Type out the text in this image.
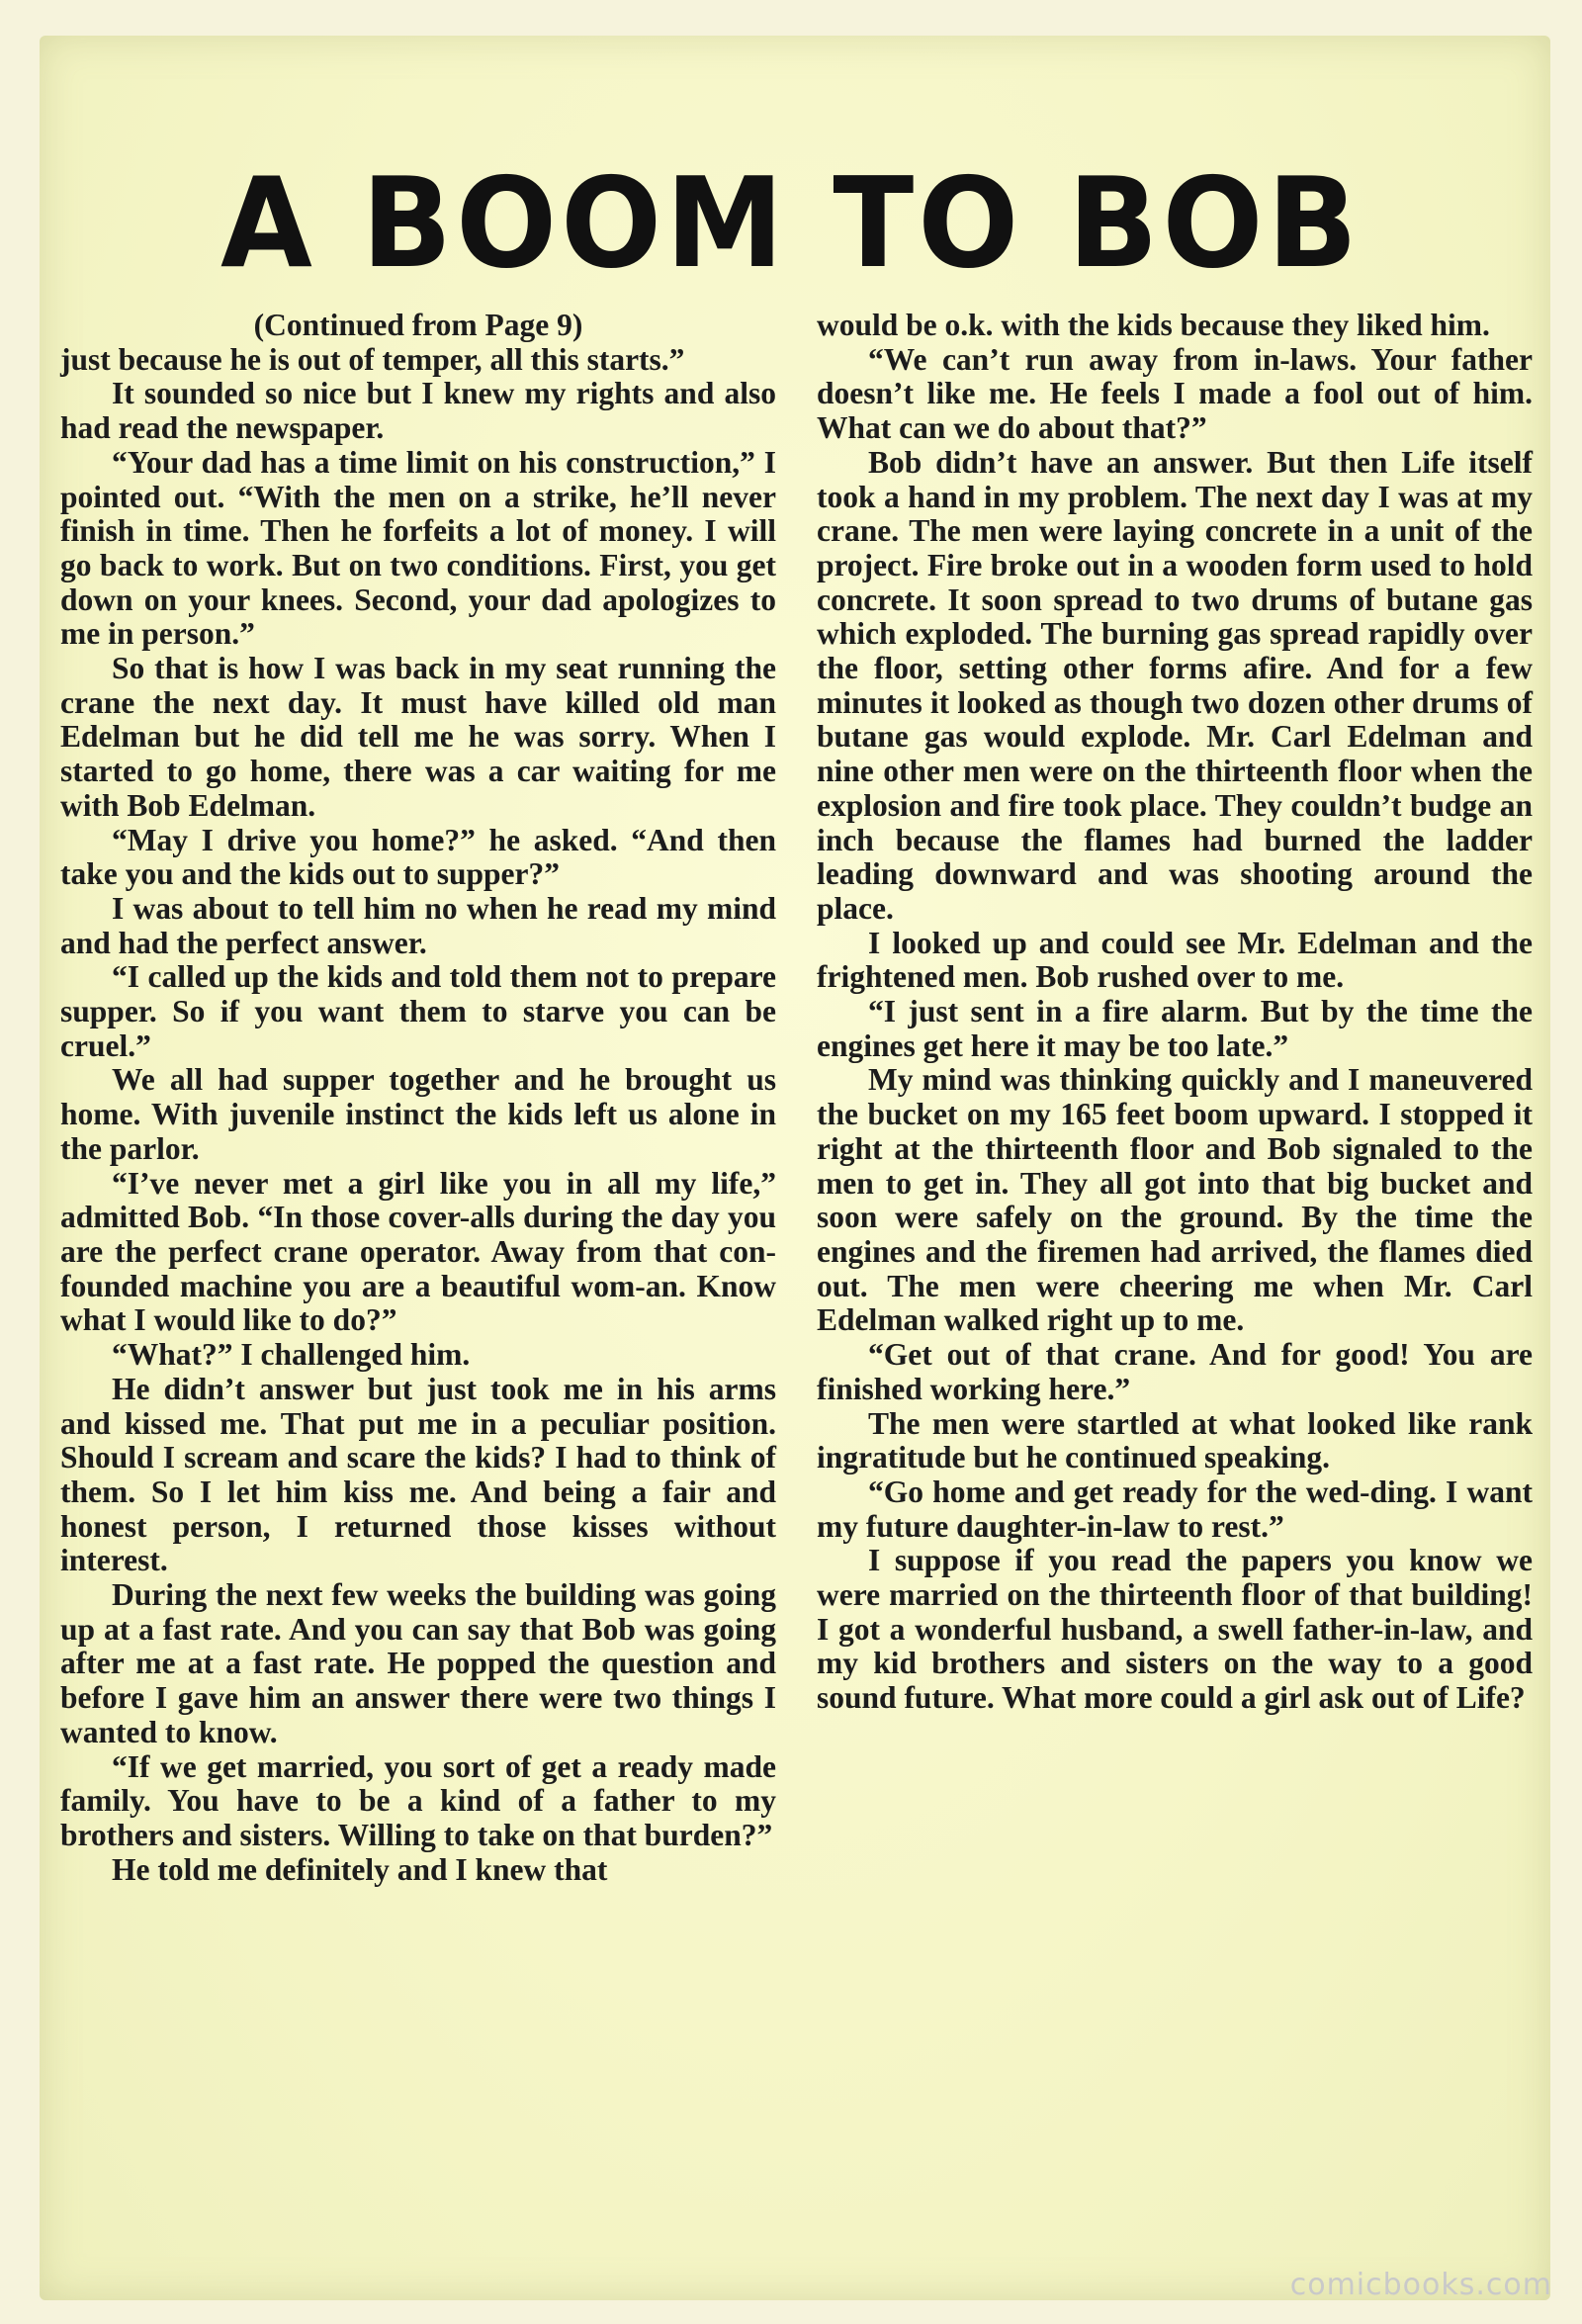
A BOOM TO BOB

(Continued from Page 9)

just because he is out of temper, all this starts.”

It sounded so nice but I knew my rights and also had read the newspaper.

“Your dad has a time limit on his construction,” I pointed out. “With the men on a strike, he’ll never finish in time. Then he forfeits a lot of money. I will go back to work. But on two conditions. First, you get down on your knees. Second, your dad apologizes to me in person.”

So that is how I was back in my seat running the crane the next day. It must have killed old man Edelman but he did tell me he was sorry. When I started to go home, there was a car waiting for me with Bob Edelman.

“May I drive you home?” he asked. “And then take you and the kids out to supper?”

I was about to tell him no when he read my mind and had the perfect answer.

“I called up the kids and told them not to prepare supper. So if you want them to starve you can be cruel.”

We all had supper together and he brought us home. With juvenile instinct the kids left us alone in the parlor.

“I’ve never met a girl like you in all my life,” admitted Bob. “In those cover-alls during the day you are the perfect crane operator. Away from that con-founded machine you are a beautiful wom-an. Know what I would like to do?”

“What?” I challenged him.

He didn’t answer but just took me in his arms and kissed me. That put me in a peculiar position. Should I scream and scare the kids? I had to think of them. So I let him kiss me. And being a fair and honest person, I returned those kisses without interest.

During the next few weeks the building was going up at a fast rate. And you can say that Bob was going after me at a fast rate. He popped the question and before I gave him an answer there were two things I wanted to know.

“If we get married, you sort of get a ready made family. You have to be a kind of a father to my brothers and sisters. Willing to take on that burden?”

He told me definitely and I knew that

would be o.k. with the kids because they liked him.

“We can’t run away from in-laws. Your father doesn’t like me. He feels I made a fool out of him. What can we do about that?”

Bob didn’t have an answer. But then Life itself took a hand in my problem. The next day I was at my crane. The men were laying concrete in a unit of the project. Fire broke out in a wooden form used to hold concrete. It soon spread to two drums of butane gas which exploded. The burning gas spread rapidly over the floor, setting other forms afire. And for a few minutes it looked as though two dozen other drums of butane gas would explode. Mr. Carl Edelman and nine other men were on the thirteenth floor when the explosion and fire took place. They couldn’t budge an inch because the flames had burned the ladder leading downward and was shooting around the place.

I looked up and could see Mr. Edelman and the frightened men. Bob rushed over to me.

“I just sent in a fire alarm. But by the time the engines get here it may be too late.”

My mind was thinking quickly and I maneuvered the bucket on my 165 feet boom upward. I stopped it right at the thirteenth floor and Bob signaled to the men to get in. They all got into that big bucket and soon were safely on the ground. By the time the engines and the firemen had arrived, the flames died out. The men were cheering me when Mr. Carl Edelman walked right up to me.

“Get out of that crane. And for good! You are finished working here.”

The men were startled at what looked like rank ingratitude but he continued speaking.

“Go home and get ready for the wed-ding. I want my future daughter-in-law to rest.”

I suppose if you read the papers you know we were married on the thirteenth floor of that building! I got a wonderful husband, a swell father-in-law, and my kid brothers and sisters on the way to a good sound future. What more could a girl ask out of Life?

comicbooks.com
